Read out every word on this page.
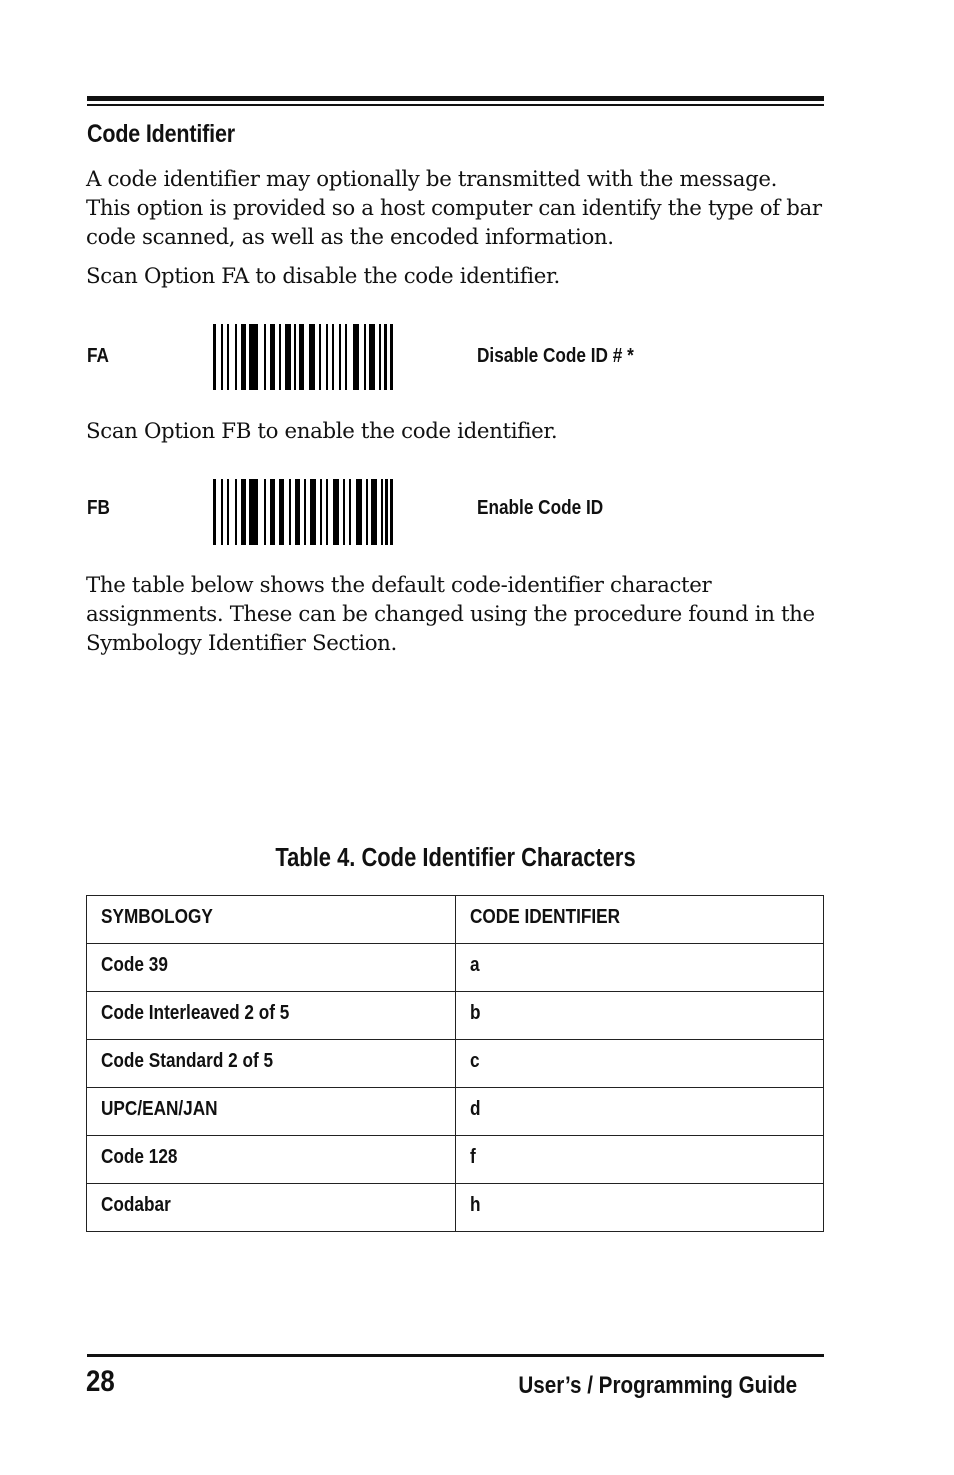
Code Identifier
A code identifier may optionally be transmitted with the message. This option is provided so a host computer can identify the type of bar code scanned, as well as the encoded information.
Scan Option FA to disable the code identifier.
FA	Disable Code ID # *
Scan Option FB to enable the code identifier.
FB	Enable Code ID
The table below shows the default code-identifier character assignments. These can be changed using the procedure found in the Symbology Identifier Section.
Table 4. Code Identifier Characters
SYMBOLOGY	CODE IDENTIFIER
Code 39	a
Code Interleaved 2 of 5	b
Code Standard 2 of 5	c
UPC/EAN/JAN	d
Code 128	f
Codabar	h
28	User’s / Programming Guide
